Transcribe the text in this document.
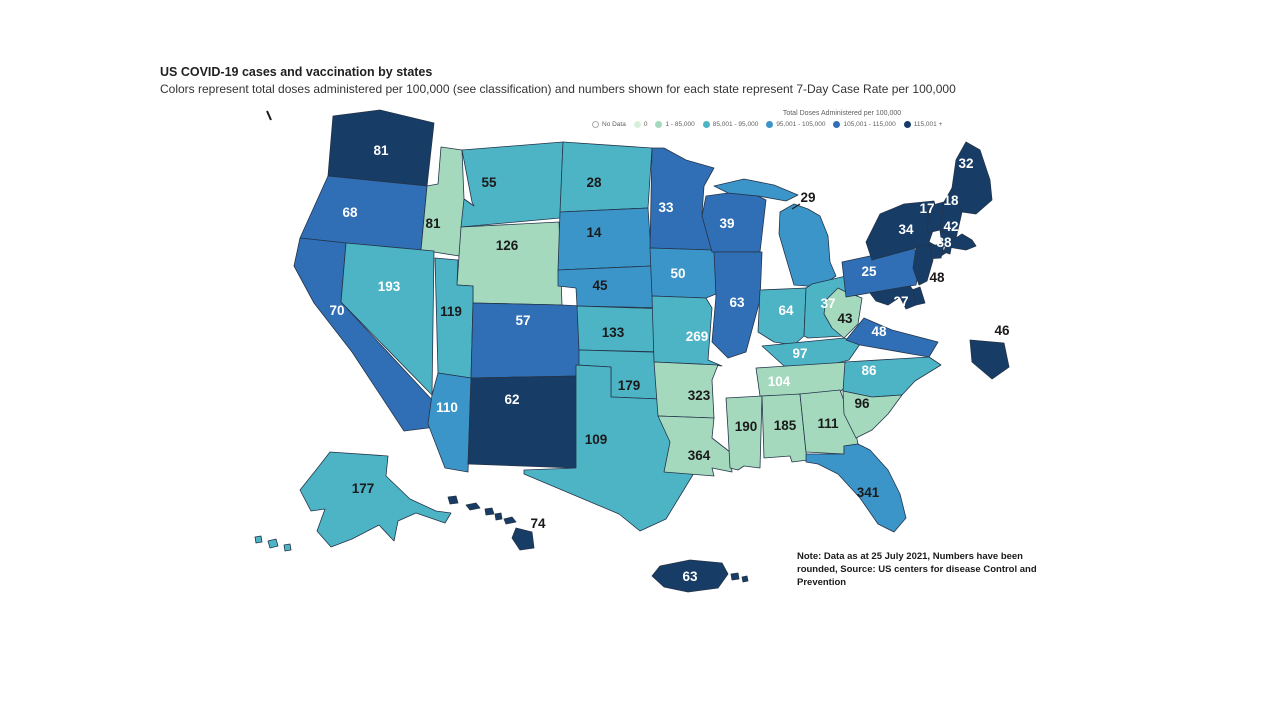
US COVID-19 cases and vaccination by states
Colors represent total doses administered per 100,000 (see classification) and numbers shown for each state represent 7-Day Case Rate per 100,000
Total Doses Administered per 100,000
No Data	0	1 - 85,000	85,001 - 95,000	95,001 - 105,000	105,001 - 115,000	115,001 +
81
68
70
81
193
55
126
119
57
110
62
28
14
45
133
179
109
33
50
269
323
364
39
63
190
29
64 37
97
104
185 111
43
48
86
96
341
25
34
32
17
18
42
38
48
27
46
177
74
63
Note: Data as at 25 July 2021, Numbers have been rounded, Source: US centers for disease Control and Prevention
